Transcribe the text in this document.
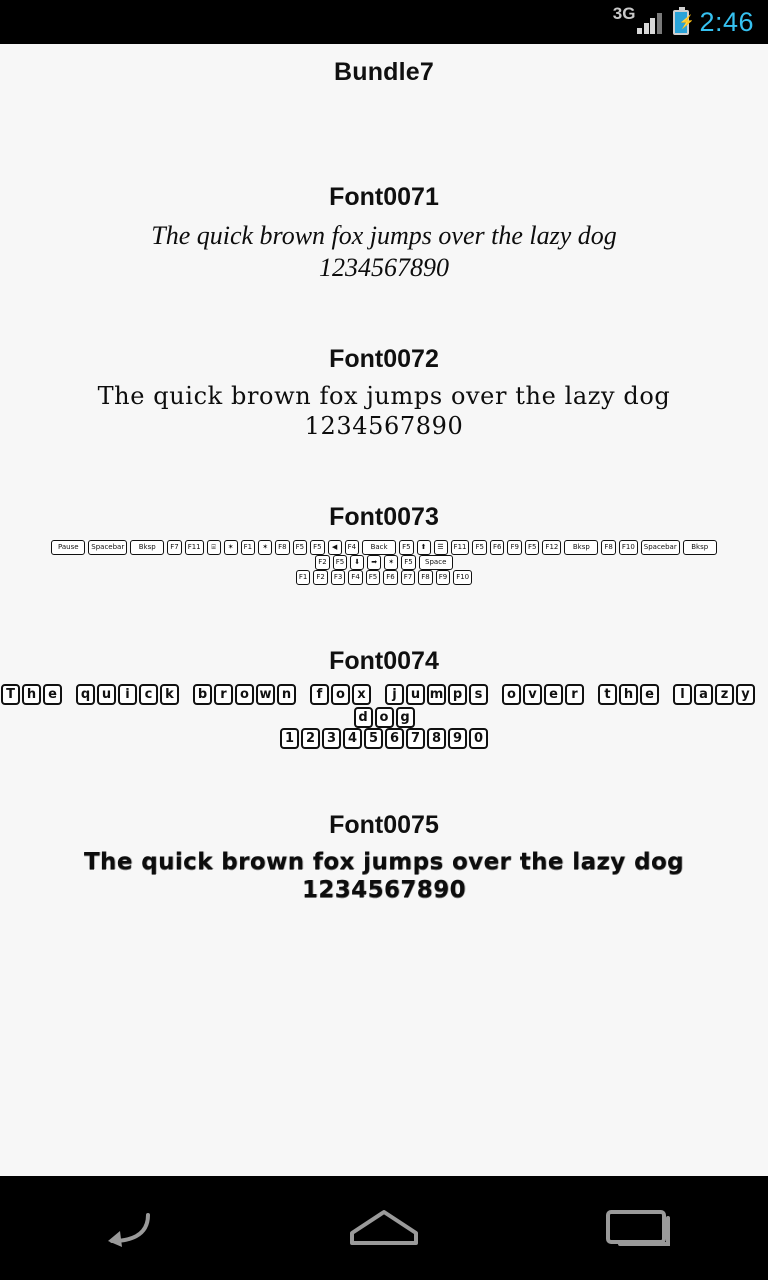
3G	⚡ 2:46
Bundle7
Font0071
The quick brown fox jumps over the lazy dog
1234567890
Font0072
The quick brown fox jumps over the lazy dog
1234567890
Font0073
Pause	Spacebar	Bksp	F7	F11	⌸	✶	F1	✶	F8	F5	F5	◀	F4	Back	F5	⬆	☰	F11	F5	F6	F9	F5	F12	Bksp	F8	F10	Spacebar	Bksp
F2	F5	⬇	➡	✶	F5	Space
F1	F2	F3	F4	F5	F6	F7	F8	F9	F10
Font0074
T h e	q u	i	c k	b	r	o w n	f	o x	j	u m p s	o v e	r	t	h e	l	a z y
d o g
1 2 3 4 5 6 7 8 9 0
Font0075
The quick brown fox jumps over the lazy dog
1234567890
